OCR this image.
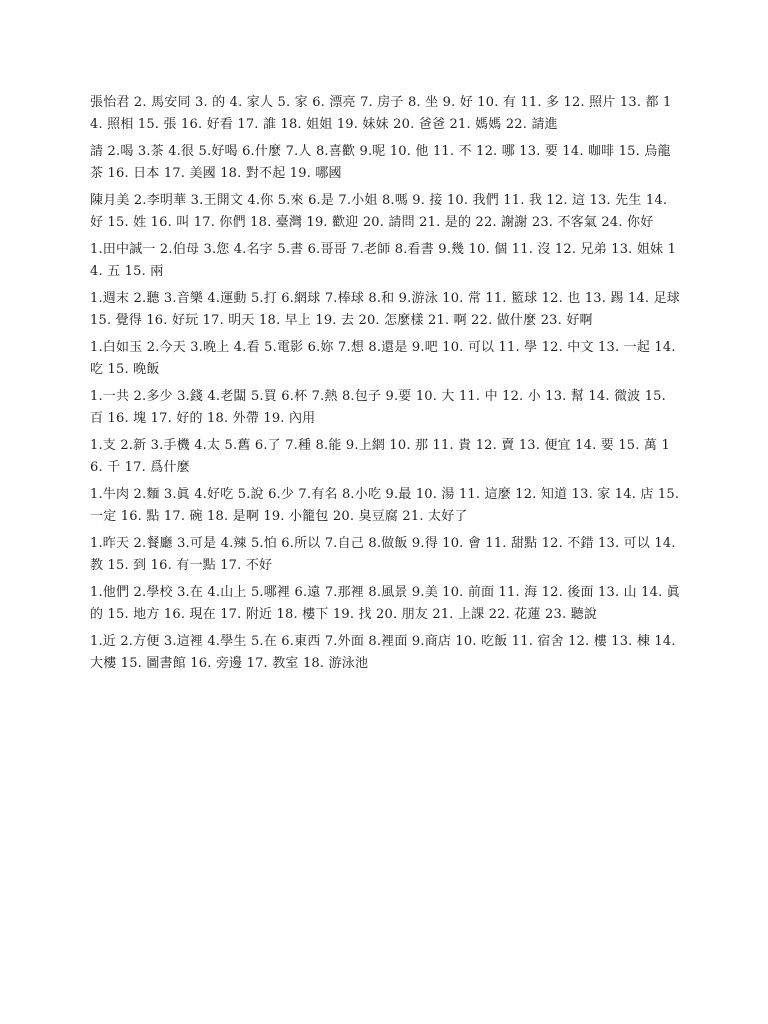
張怡君 2. 馬安同 3. 的 4. 家人 5. 家 6. 漂亮 7. 房子 8. 坐 9. 好 10. 有 11. 多 12. 照片 13. 都 14. 照相 15. 張 16. 好看 17. 誰 18. 姐姐 19. 妹妹 20. 爸爸 21. 媽媽 22. 請進

請 2.喝 3.茶 4.很 5.好喝 6.什麼 7.人 8.喜歡 9.呢 10. 他 11. 不 12. 哪 13. 要 14. 咖啡 15. 烏龍茶 16. 日本 17. 美國 18. 對不起 19. 哪國

陳月美 2.李明華 3.王開文 4.你 5.來 6.是 7.小姐 8.嗎 9. 接 10. 我們 11. 我 12. 這 13. 先生 14. 好 15. 姓 16. 叫 17. 你們 18. 臺灣 19. 歡迎 20. 請問 21. 是的 22. 謝謝 23. 不客氣 24. 你好

1.田中誠一 2.伯母 3.您 4.名字 5.書 6.哥哥 7.老師 8.看書 9.幾 10. 個 11. 沒 12. 兄弟 13. 姐妹 14. 五 15. 兩

1.週末 2.聽 3.音樂 4.運動 5.打 6.網球 7.棒球 8.和 9.游泳 10. 常 11. 籃球 12. 也 13. 踢 14. 足球 15. 覺得 16. 好玩 17. 明天 18. 早上 19. 去 20. 怎麼樣 21. 啊 22. 做什麼 23. 好啊

1.白如玉 2.今天 3.晚上 4.看 5.電影 6.妳 7.想 8.還是 9.吧 10. 可以 11. 學 12. 中文 13. 一起 14. 吃 15. 晚飯

1.一共 2.多少 3.錢 4.老闆 5.買 6.杯 7.熱 8.包子 9.要 10. 大 11. 中 12. 小 13. 幫 14. 微波 15. 百 16. 塊 17. 好的 18. 外帶 19. 內用

1.支 2.新 3.手機 4.太 5.舊 6.了 7.種 8.能 9.上網 10. 那 11. 貴 12. 賣 13. 便宜 14. 要 15. 萬 16. 千 17. 爲什麼

1.牛肉 2.麵 3.眞 4.好吃 5.說 6.少 7.有名 8.小吃 9.最 10. 湯 11. 這麼 12. 知道 13. 家 14. 店 15. 一定 16. 點 17. 碗 18. 是啊 19. 小籠包 20. 臭豆腐 21. 太好了

1.昨天 2.餐廳 3.可是 4.辣 5.怕 6.所以 7.自己 8.做飯 9.得 10. 會 11. 甜點 12. 不錯 13. 可以 14. 教 15. 到 16. 有一點 17. 不好

1.他們 2.學校 3.在 4.山上 5.哪裡 6.遠 7.那裡 8.風景 9.美 10. 前面 11. 海 12. 後面 13. 山 14. 眞的 15. 地方 16. 現在 17. 附近 18. 樓下 19. 找 20. 朋友 21. 上課 22. 花蓮 23. 聽說

1.近 2.方便 3.這裡 4.學生 5.在 6.東西 7.外面 8.裡面 9.商店 10. 吃飯 11. 宿舍 12. 樓 13. 棟 14. 大樓 15. 圖書館 16. 旁邊 17. 教室 18. 游泳池
